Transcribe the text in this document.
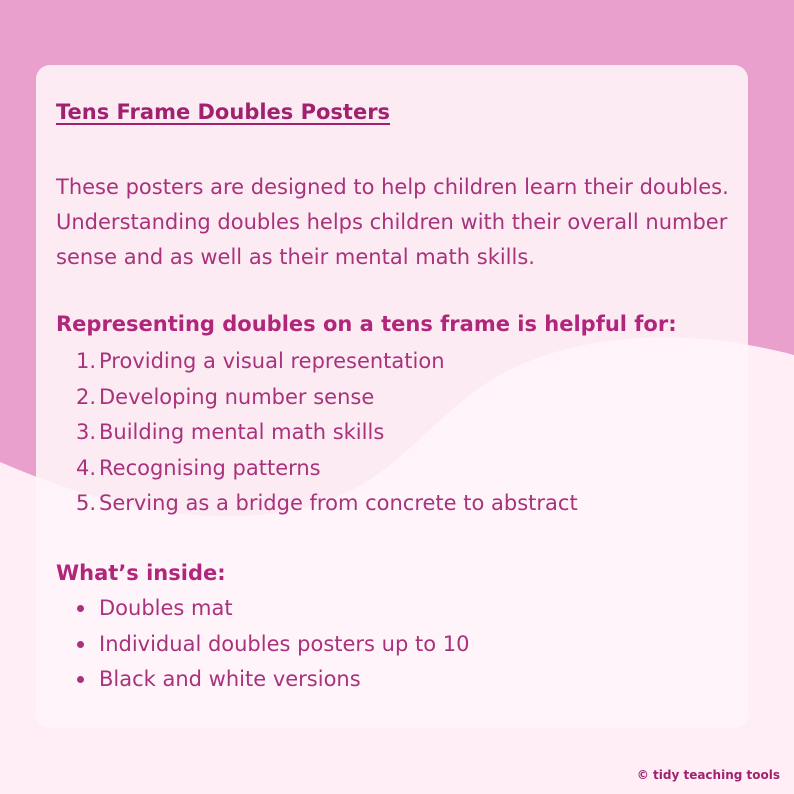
Tens Frame Doubles Posters

These posters are designed to help children learn their doubles. Understanding doubles helps children with their overall number sense and as well as their mental math skills.

Representing doubles on a tens frame is helpful for:
1. Providing a visual representation
2. Developing number sense
3. Building mental math skills
4. Recognising patterns
5. Serving as a bridge from concrete to abstract
What’s inside:
Doubles mat
Individual doubles posters up to 10
Black and white versions

© tidy teaching tools
